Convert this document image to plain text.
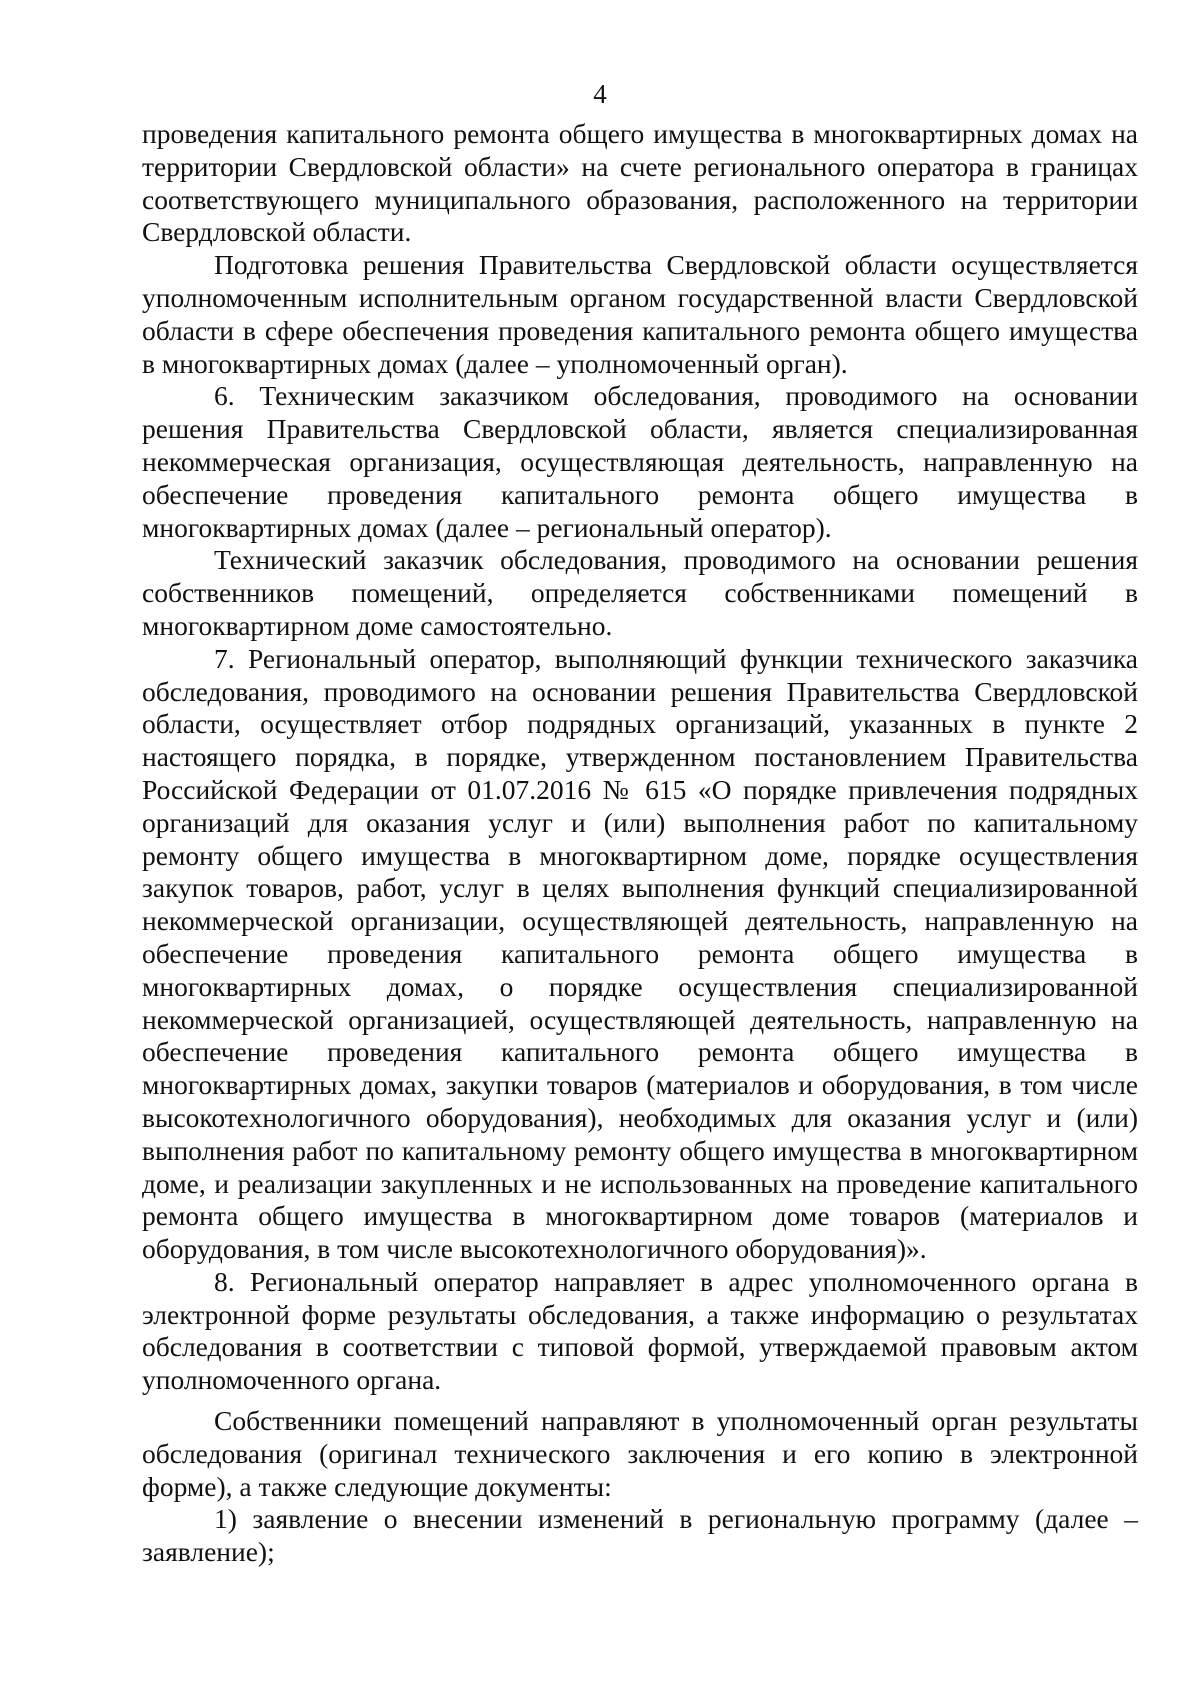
4

проведения капитального ремонта общего имущества в многоквартирных домах на территории Свердловской области» на счете регионального оператора в границах соответствующего муниципального образования, расположенного на территории Свердловской области.

Подготовка решения Правительства Свердловской области осуществляется уполномоченным исполнительным органом государственной власти Свердловской области в сфере обеспечения проведения капитального ремонта общего имущества в многоквартирных домах (далее – уполномоченный орган).

6. Техническим заказчиком обследования, проводимого на основании решения Правительства Свердловской области, является специализированная некоммерческая организация, осуществляющая деятельность, направленную на обеспечение проведения капитального ремонта общего имущества в многоквартирных домах (далее – региональный оператор).

Технический заказчик обследования, проводимого на основании решения собственников помещений, определяется собственниками помещений в многоквартирном доме самостоятельно.

7. Региональный оператор, выполняющий функции технического заказчика обследования, проводимого на основании решения Правительства Свердловской области, осуществляет отбор подрядных организаций, указанных в пункте 2 настоящего порядка, в порядке, утвержденном постановлением Правительства Российской Федерации от 01.07.2016 № 615 «О порядке привлечения подрядных организаций для оказания услуг и (или) выполнения работ по капитальному ремонту общего имущества в многоквартирном доме, порядке осуществления закупок товаров, работ, услуг в целях выполнения функций специализированной некоммерческой организации, осуществляющей деятельность, направленную на обеспечение проведения капитального ремонта общего имущества в многоквартирных домах, о порядке осуществления специализированной некоммерческой организацией, осуществляющей деятельность, направленную на обеспечение проведения капитального ремонта общего имущества в многоквартирных домах, закупки товаров (материалов и оборудования, в том числе высокотехнологичного оборудования), необходимых для оказания услуг и (или) выполнения работ по капитальному ремонту общего имущества в многоквартирном доме, и реализации закупленных и не использованных на проведение капитального ремонта общего имущества в многоквартирном доме товаров (материалов и оборудования, в том числе высокотехнологичного оборудования)».

8. Региональный оператор направляет в адрес уполномоченного органа в электронной форме результаты обследования, а также информацию о результатах обследования в соответствии с типовой формой, утверждаемой правовым актом уполномоченного органа.

Собственники помещений направляют в уполномоченный орган результаты обследования (оригинал технического заключения и его копию в электронной форме), а также следующие документы:

1) заявление о внесении изменений в региональную программу (далее – заявление);
